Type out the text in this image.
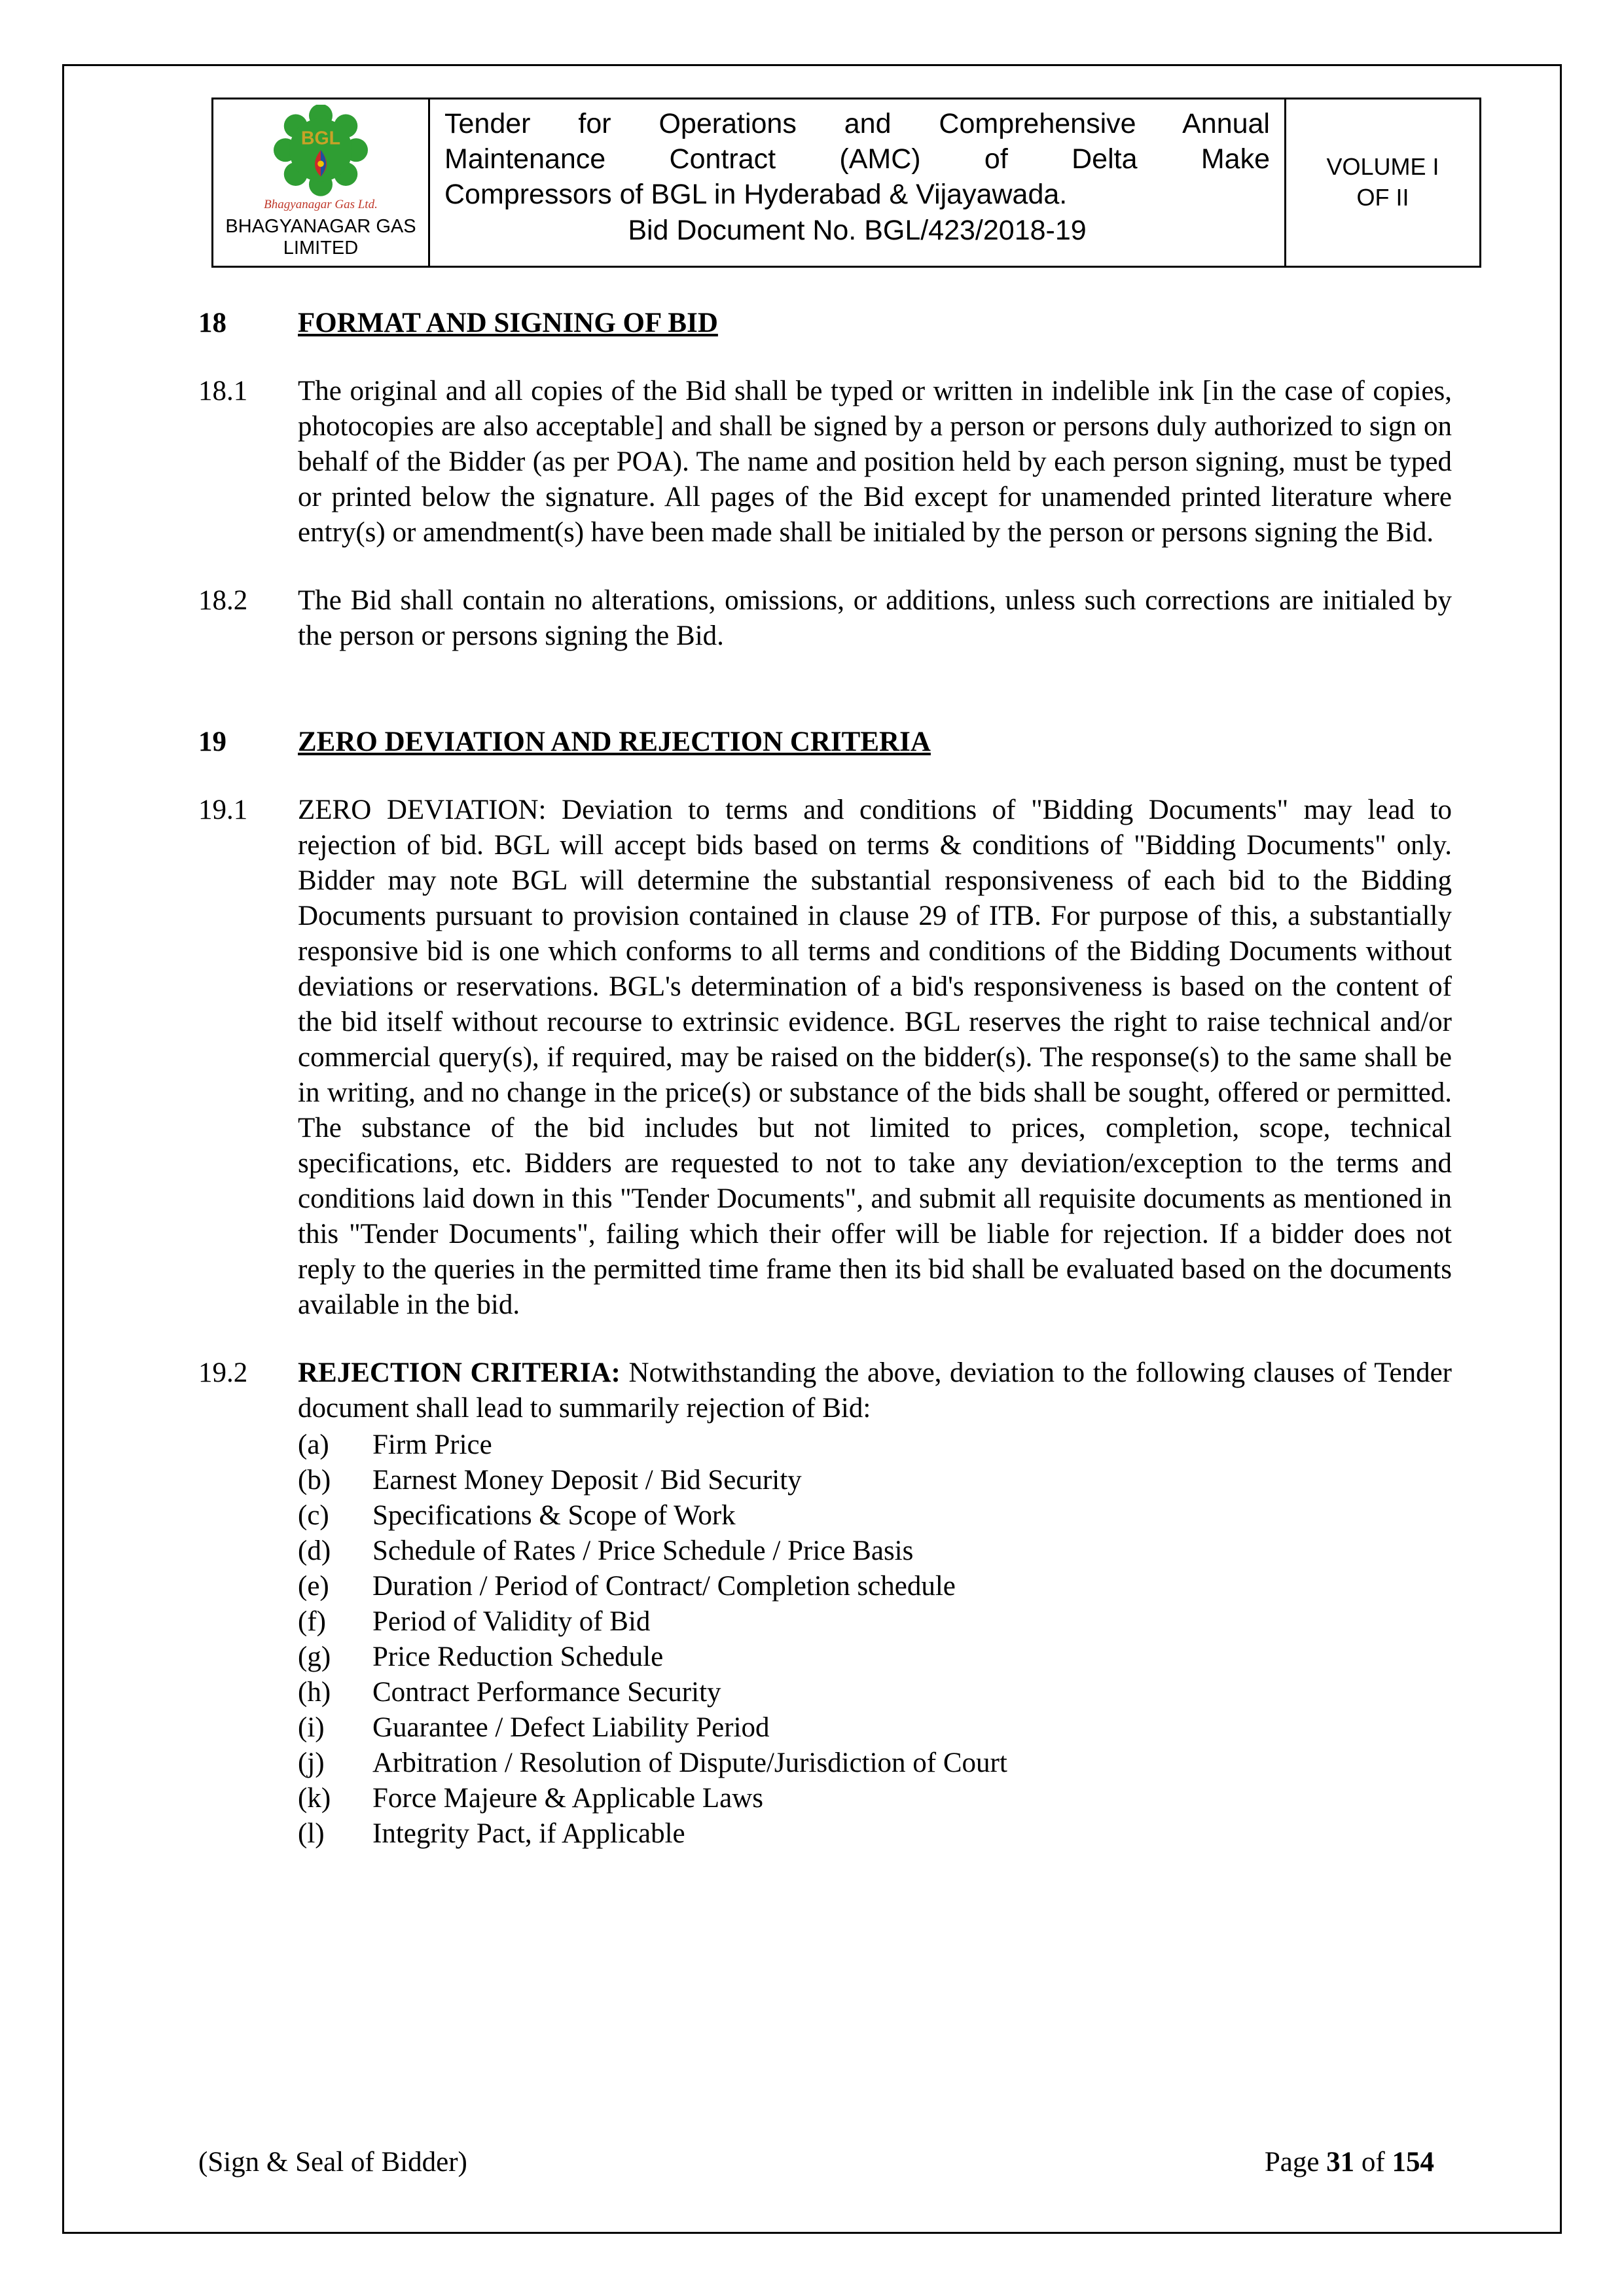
BGL
Bhagyanagar Gas Ltd.
BHAGYANAGAR GAS LIMITED
Tender for Operations and Comprehensive Annual
Maintenance Contract (AMC) of Delta Make
Compressors of BGL in Hyderabad & Vijayawada.
Bid Document No. BGL/423/2018-19
VOLUME I
OF II
18	FORMAT AND SIGNING OF BID
18.1	The original and all copies of the Bid shall be typed or written in indelible ink [in the case of copies, photocopies are also acceptable] and shall be signed by a person or persons duly authorized to sign on behalf of the Bidder (as per POA). The name and position held by each person signing, must be typed or printed below the signature. All pages of the Bid except for unamended printed literature where entry(s) or amendment(s) have been made shall be initialed by the person or persons signing the Bid.
18.2	The Bid shall contain no alterations, omissions, or additions, unless such corrections are initialed by the person or persons signing the Bid.
19	ZERO DEVIATION AND REJECTION CRITERIA
19.1	ZERO DEVIATION: Deviation to terms and conditions of "Bidding Documents" may lead to rejection of bid. BGL will accept bids based on terms & conditions of "Bidding Documents" only. Bidder may note BGL will determine the substantial responsiveness of each bid to the Bidding Documents pursuant to provision contained in clause 29 of ITB. For purpose of this, a substantially responsive bid is one which conforms to all terms and conditions of the Bidding Documents without deviations or reservations. BGL's determination of a bid's responsiveness is based on the content of the bid itself without recourse to extrinsic evidence. BGL reserves the right to raise technical and/or commercial query(s), if required, may be raised on the bidder(s). The response(s) to the same shall be in writing, and no change in the price(s) or substance of the bids shall be sought, offered or permitted. The substance of the bid includes but not limited to prices, completion, scope, technical specifications, etc. Bidders are requested to not to take any deviation/exception to the terms and conditions laid down in this "Tender Documents", and submit all requisite documents as mentioned in this "Tender Documents", failing which their offer will be liable for rejection. If a bidder does not reply to the queries in the permitted time frame then its bid shall be evaluated based on the documents available in the bid.
19.2	REJECTION CRITERIA: Notwithstanding the above, deviation to the following clauses of Tender document shall lead to summarily rejection of Bid:
(a)	Firm Price
(b)	Earnest Money Deposit / Bid Security
(c)	Specifications & Scope of Work
(d)	Schedule of Rates / Price Schedule / Price Basis
(e)	Duration / Period of Contract/ Completion schedule
(f)	Period of Validity of Bid
(g)	Price Reduction Schedule
(h)	Contract Performance Security
(i)	Guarantee / Defect Liability Period
(j)	Arbitration / Resolution of Dispute/Jurisdiction of Court
(k)	Force Majeure & Applicable Laws
(l)	Integrity Pact, if Applicable
(Sign & Seal of Bidder)	Page 31 of 154
